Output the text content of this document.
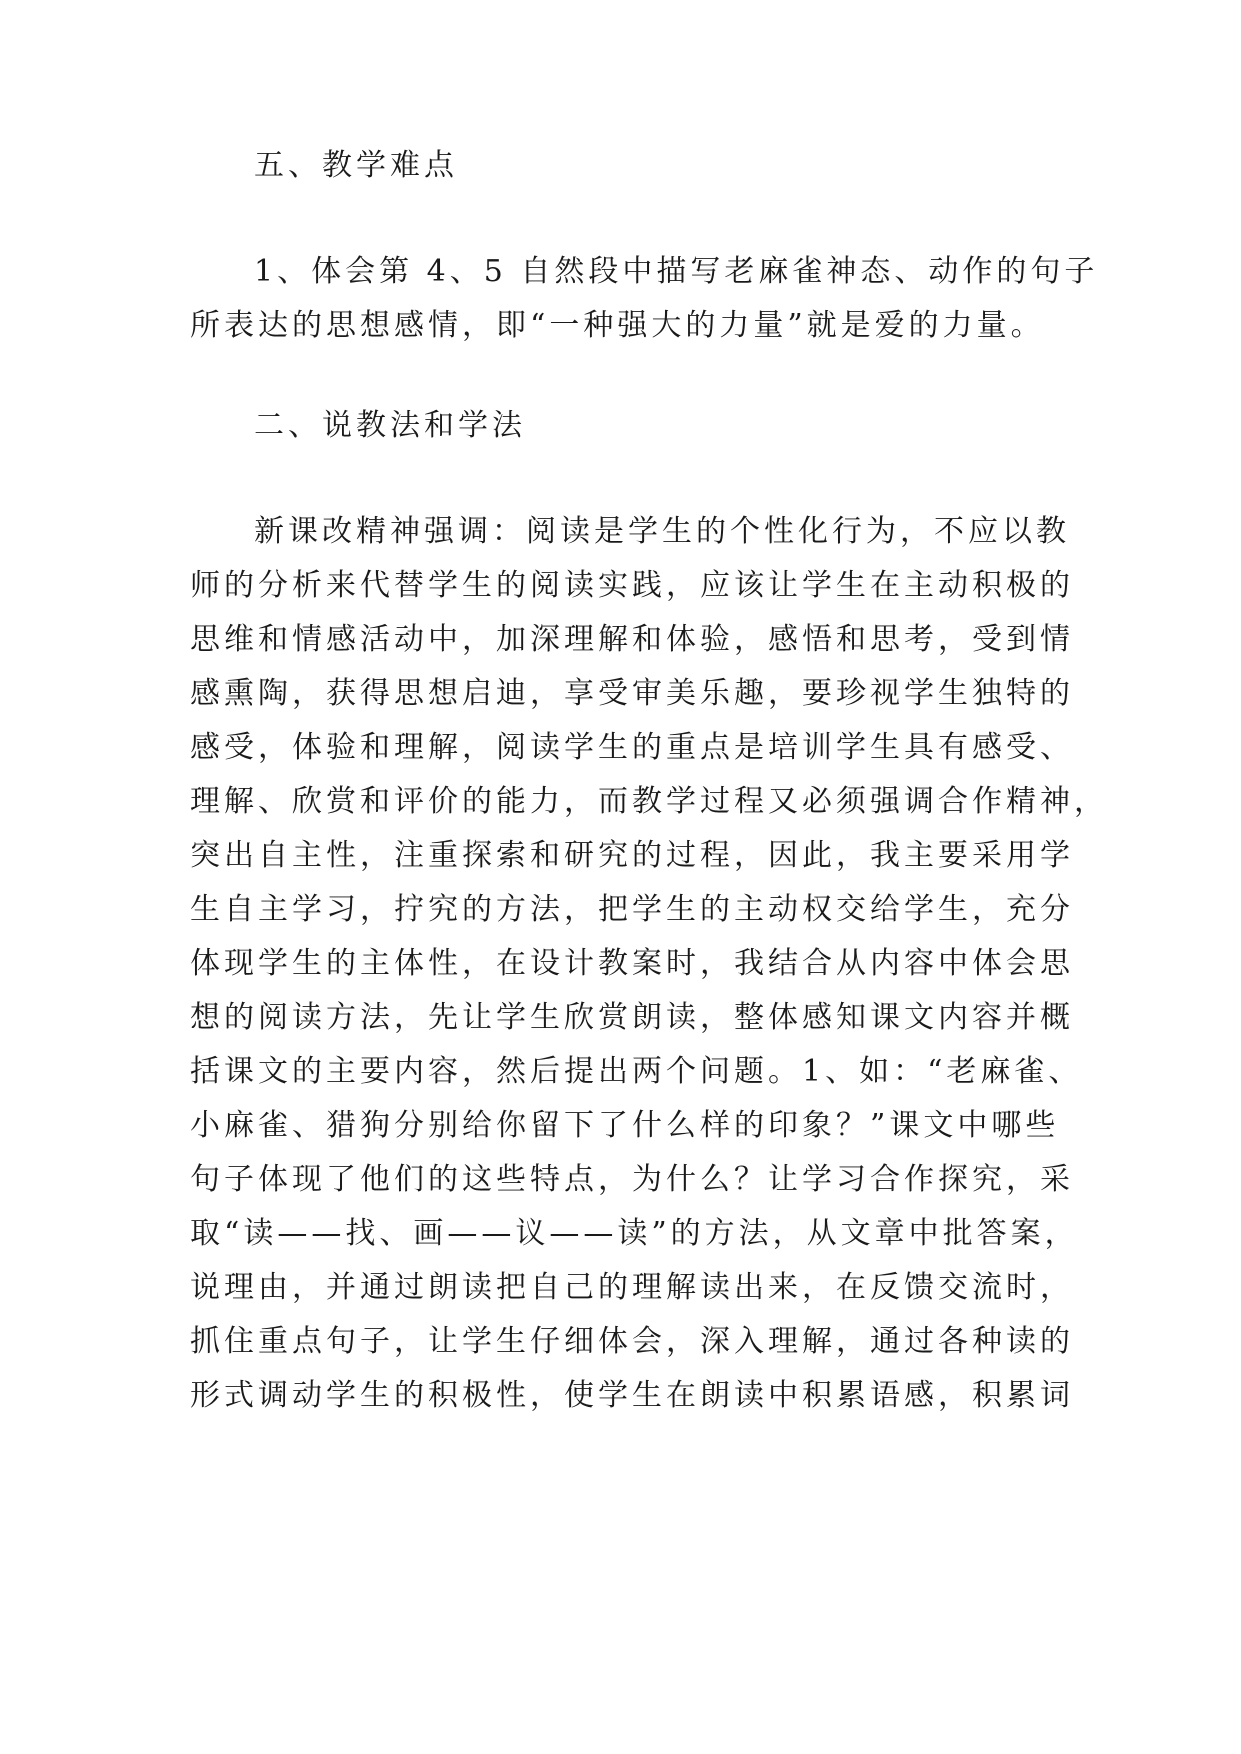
五、教学难点
1、体会第 4、5 自然段中描写老麻雀神态、动作的句子
所表达的思想感情，即“一种强大的力量”就是爱的力量。
二、说教法和学法
新课改精神强调：阅读是学生的个性化行为，不应以教
师的分析来代替学生的阅读实践，应该让学生在主动积极的
思维和情感活动中，加深理解和体验，感悟和思考，受到情
感熏陶，获得思想启迪，享受审美乐趣，要珍视学生独特的
感受，体验和理解，阅读学生的重点是培训学生具有感受、
理解、欣赏和评价的能力，而教学过程又必须强调合作精神，
突出自主性，注重探索和研究的过程，因此，我主要采用学
生自主学习，拧究的方法，把学生的主动权交给学生，充分
体现学生的主体性，在设计教案时，我结合从内容中体会思
想的阅读方法，先让学生欣赏朗读，整体感知课文内容并概
括课文的主要内容，然后提出两个问题。1、如：“老麻雀、
小麻雀、猎狗分别给你留下了什么样的印象？”课文中哪些
句子体现了他们的这些特点，为什么？让学习合作探究，采
取“读——找、画——议——读”的方法，从文章中批答案，
说理由，并通过朗读把自己的理解读出来，在反馈交流时，
抓住重点句子，让学生仔细体会，深入理解，通过各种读的
形式调动学生的积极性，使学生在朗读中积累语感，积累词
